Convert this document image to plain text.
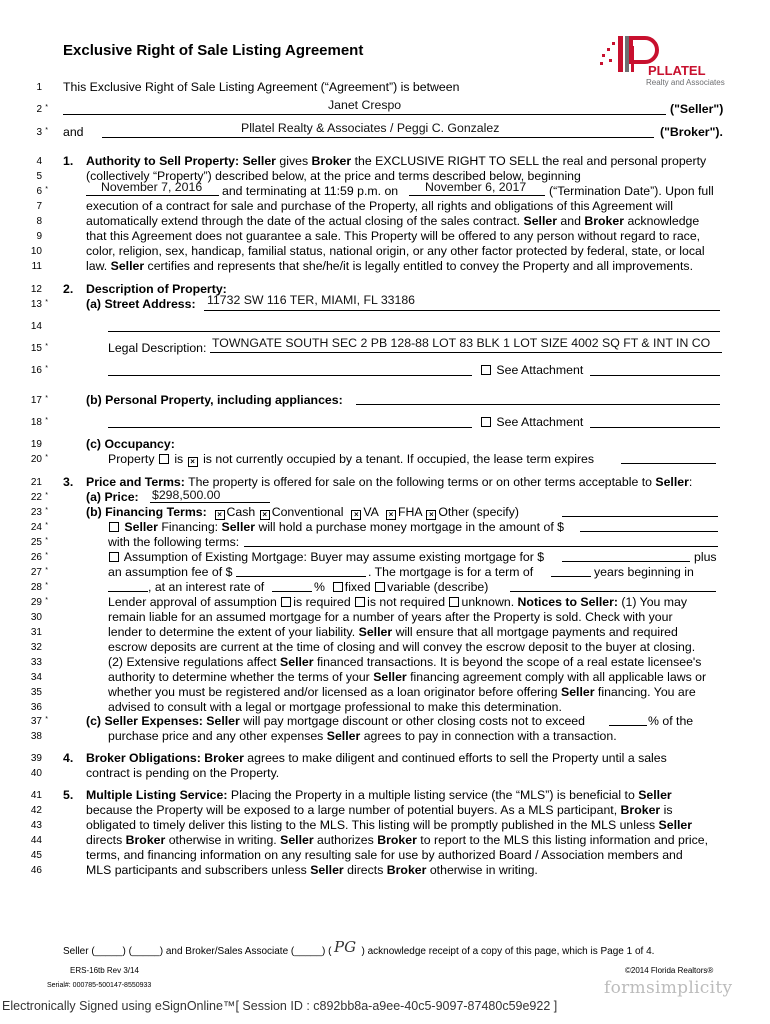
Exclusive Right of Sale Listing Agreement
PLLATEL
Realty and Associates
1
2 *
3 *
4
5
6 *
7
8
9
10
11
12
13 *
14
15 *
16 *
17 *
18 *
19
20 *
21
22 *
23 *
24 *
25 *
26 *
27 *
28 *
29 *
30
31
32
33
34
35
36
37 *
38
39
40
41
42
43
44
45
46
This Exclusive Right of Sale Listing Agreement (“Agreement”) is between
Janet Crespo	("Seller")
and	Pllatel Realty & Associates / Peggi C. Gonzalez	("Broker").
1. Authority to Sell Property: Seller gives Broker the EXCLUSIVE RIGHT TO SELL the real and personal property
(collectively “Property”) described below, at the price and terms described below, beginning
November 7, 2016 and terminating at 11:59 p.m. on	November 6, 2017 (“Termination Date”). Upon full
execution of a contract for sale and purchase of the Property, all rights and obligations of this Agreement will
automatically extend through the date of the actual closing of the sales contract. Seller and Broker acknowledge
that this Agreement does not guarantee a sale. This Property will be offered to any person without regard to race,
color, religion, sex, handicap, familial status, national origin, or any other factor protected by federal, state, or local
law. Seller certifies and represents that she/he/it is legally entitled to convey the Property and all improvements.
2. Description of Property:
(a) Street Address: 11732 SW 116 TER, MIAMI, FL 33186
Legal Description: TOWNGATE SOUTH SEC 2 PB 128-88 LOT 83 BLK 1 LOT SIZE 4002 SQ FT & INT IN CO
See Attachment
(b) Personal Property, including appliances:
See Attachment
(c) Occupancy:
Property is × is not currently occupied by a tenant. If occupied, the lease term expires
3. Price and Terms: The property is offered for sale on the following terms or on other terms acceptable to Seller:
(a) Price:	$298,500.00
(b) Financing Terms: × Cash × Conventional × VA × FHA × Other (specify)
Seller Financing: Seller will hold a purchase money mortgage in the amount of $
with the following terms:
Assumption of Existing Mortgage: Buyer may assume existing mortgage for $	plus
an assumption fee of $	. The mortgage is for a term of	years beginning in
, at an interest rate of	% fixed variable (describe)
Lender approval of assumption is required is not required unknown. Notices to Seller: (1) You may
remain liable for an assumed mortgage for a number of years after the Property is sold. Check with your
lender to determine the extent of your liability. Seller will ensure that all mortgage payments and required
escrow deposits are current at the time of closing and will convey the escrow deposit to the buyer at closing.
(2) Extensive regulations affect Seller financed transactions. It is beyond the scope of a real estate licensee's
authority to determine whether the terms of your Seller financing agreement comply with all applicable laws or
whether you must be registered and/or licensed as a loan originator before offering Seller financing. You are
advised to consult with a legal or mortgage professional to make this determination.
(c) Seller Expenses: Seller will pay mortgage discount or other closing costs not to exceed	% of the
purchase price and any other expenses Seller agrees to pay in connection with a transaction.
4. Broker Obligations: Broker agrees to make diligent and continued efforts to sell the Property until a sales
contract is pending on the Property.
5. Multiple Listing Service: Placing the Property in a multiple listing service (the “MLS”) is beneficial to Seller
because the Property will be exposed to a large number of potential buyers. As a MLS participant, Broker is
obligated to timely deliver this listing to the MLS. This listing will be promptly published in the MLS unless Seller
directs Broker otherwise in writing. Seller authorizes Broker to report to the MLS this listing information and price,
terms, and financing information on any resulting sale for use by authorized Board / Association members and
MLS participants and subscribers unless Seller directs Broker otherwise in writing.
Seller (_____) (_____) and Broker/Sales Associate (_____) (	) acknowledge receipt of a copy of this page, which is Page 1 of 4.
PG
ERS-16tb Rev 3/14
Serial#: 000785-500147-8550933
©2014 Florida Realtors®
formsimplicity
Electronically Signed using eSignOnline™[ Session ID : c892bb8a-a9ee-40c5-9097-87480c59e922 ]
